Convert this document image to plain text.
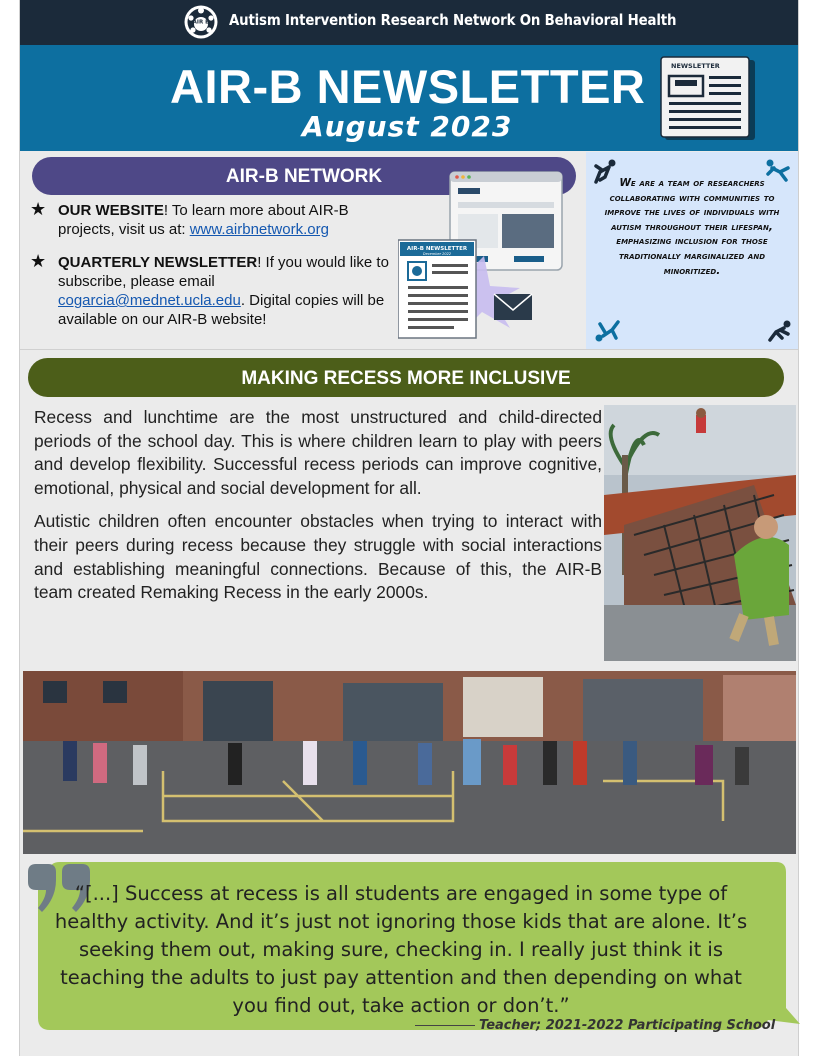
AIR B Autism Intervention Research Network On Behavioral Health
AIR-B NEWSLETTER
August 2023
NEWSLETTER
AIR-B NETWORK
★ OUR WEBSITE! To learn more about AIR-B projects, visit us at: www.airbnetwork.org
★ QUARTERLY NEWSLETTER! If you would like to subscribe, please email cogarcia@mednet.ucla.edu. Digital copies will be available on our AIR-B website!
AIR-B NEWSLETTER
December 2022
We are a team of researchers collaborating with communities to improve the lives of individuals with autism throughout their lifespan, emphasizing inclusion for those traditionally marginalized and minoritized.
MAKING RECESS MORE INCLUSIVE

Recess and lunchtime are the most unstructured and child-directed periods of the school day. This is where children learn to play with peers and develop flexibility. Successful recess periods can improve cognitive, emotional, physical and social development for all.

Autistic children often encounter obstacles when trying to interact with their peers during recess because they struggle with social interactions and establishing meaningful connections. Because of this, the AIR-B team created Remaking Recess in the early 2000s.

“[...] Success at recess is all students are engaged in some type of healthy activity. And it’s just not ignoring those kids that are alone. It’s seeking them out, making sure, checking in. I really just think it is teaching the adults to just pay attention and then depending on what you find out, take action or don’t.”
Teacher; 2021-2022 Participating School
